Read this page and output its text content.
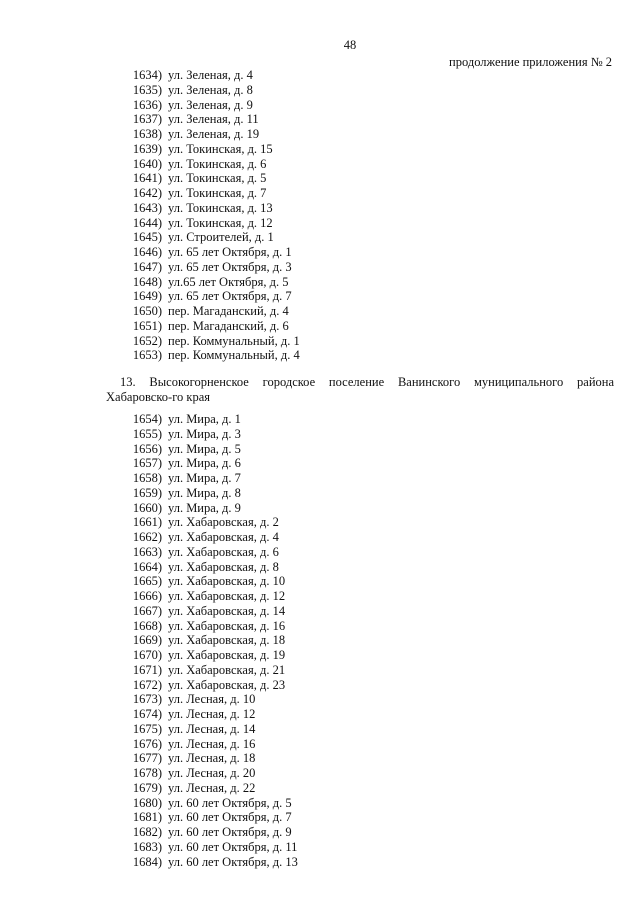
48
продолжение приложения № 2
1634) ул. Зеленая, д. 4
1635) ул. Зеленая, д. 8
1636) ул. Зеленая, д. 9
1637) ул. Зеленая, д. 11
1638) ул. Зеленая, д. 19
1639) ул. Токинская, д. 15
1640) ул. Токинская, д. 6
1641) ул. Токинская, д. 5
1642) ул. Токинская, д. 7
1643) ул. Токинская, д. 13
1644) ул. Токинская, д. 12
1645) ул. Строителей, д. 1
1646) ул. 65 лет Октября, д. 1
1647) ул. 65 лет Октября, д. 3
1648) ул.65 лет Октября, д. 5
1649) ул. 65 лет Октября, д. 7
1650) пер. Магаданский, д. 4
1651) пер. Магаданский, д. 6
1652) пер. Коммунальный, д. 1
1653) пер. Коммунальный, д. 4

13. Высокогорненское городское поселение Ванинского муниципального района Хабаровско-го края

1654) ул. Мира, д. 1
1655) ул. Мира, д. 3
1656) ул. Мира, д. 5
1657) ул. Мира, д. 6
1658) ул. Мира, д. 7
1659) ул. Мира, д. 8
1660) ул. Мира, д. 9
1661) ул. Хабаровская, д. 2
1662) ул. Хабаровская, д. 4
1663) ул. Хабаровская, д. 6
1664) ул. Хабаровская, д. 8
1665) ул. Хабаровская, д. 10
1666) ул. Хабаровская, д. 12
1667) ул. Хабаровская, д. 14
1668) ул. Хабаровская, д. 16
1669) ул. Хабаровская, д. 18
1670) ул. Хабаровская, д. 19
1671) ул. Хабаровская, д. 21
1672) ул. Хабаровская, д. 23
1673) ул. Лесная, д. 10
1674) ул. Лесная, д. 12
1675) ул. Лесная, д. 14
1676) ул. Лесная, д. 16
1677) ул. Лесная, д. 18
1678) ул. Лесная, д. 20
1679) ул. Лесная, д. 22
1680) ул. 60 лет Октября, д. 5
1681) ул. 60 лет Октября, д. 7
1682) ул. 60 лет Октября, д. 9
1683) ул. 60 лет Октября, д. 11
1684) ул. 60 лет Октября, д. 13
